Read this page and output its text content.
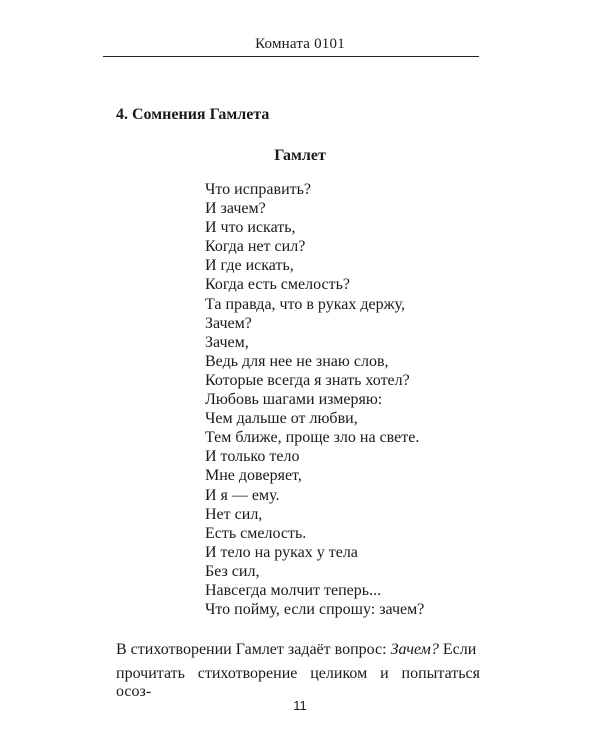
Комната 0101
4. Сомнения Гамлета
Гамлет
Что исправить?
И зачем?
И что искать,
Когда нет сил?
И где искать,
Когда есть смелость?
Та правда, что в руках держу,
Зачем?
Зачем,
Ведь для нее не знаю слов,
Которые всегда я знать хотел?
Любовь шагами измеряю:
Чем дальше от любви,
Тем ближе, проще зло на свете.
И только тело
Мне доверяет,
И я — ему.
Нет сил,
Есть смелость.
И тело на руках у тела
Без сил,
Навсегда молчит теперь...
Что пойму, если спрошу: зачем?
В стихотворении Гамлет задаёт вопрос: Зачем? Если
прочитать стихотворение целиком и попытаться осоз-
11
